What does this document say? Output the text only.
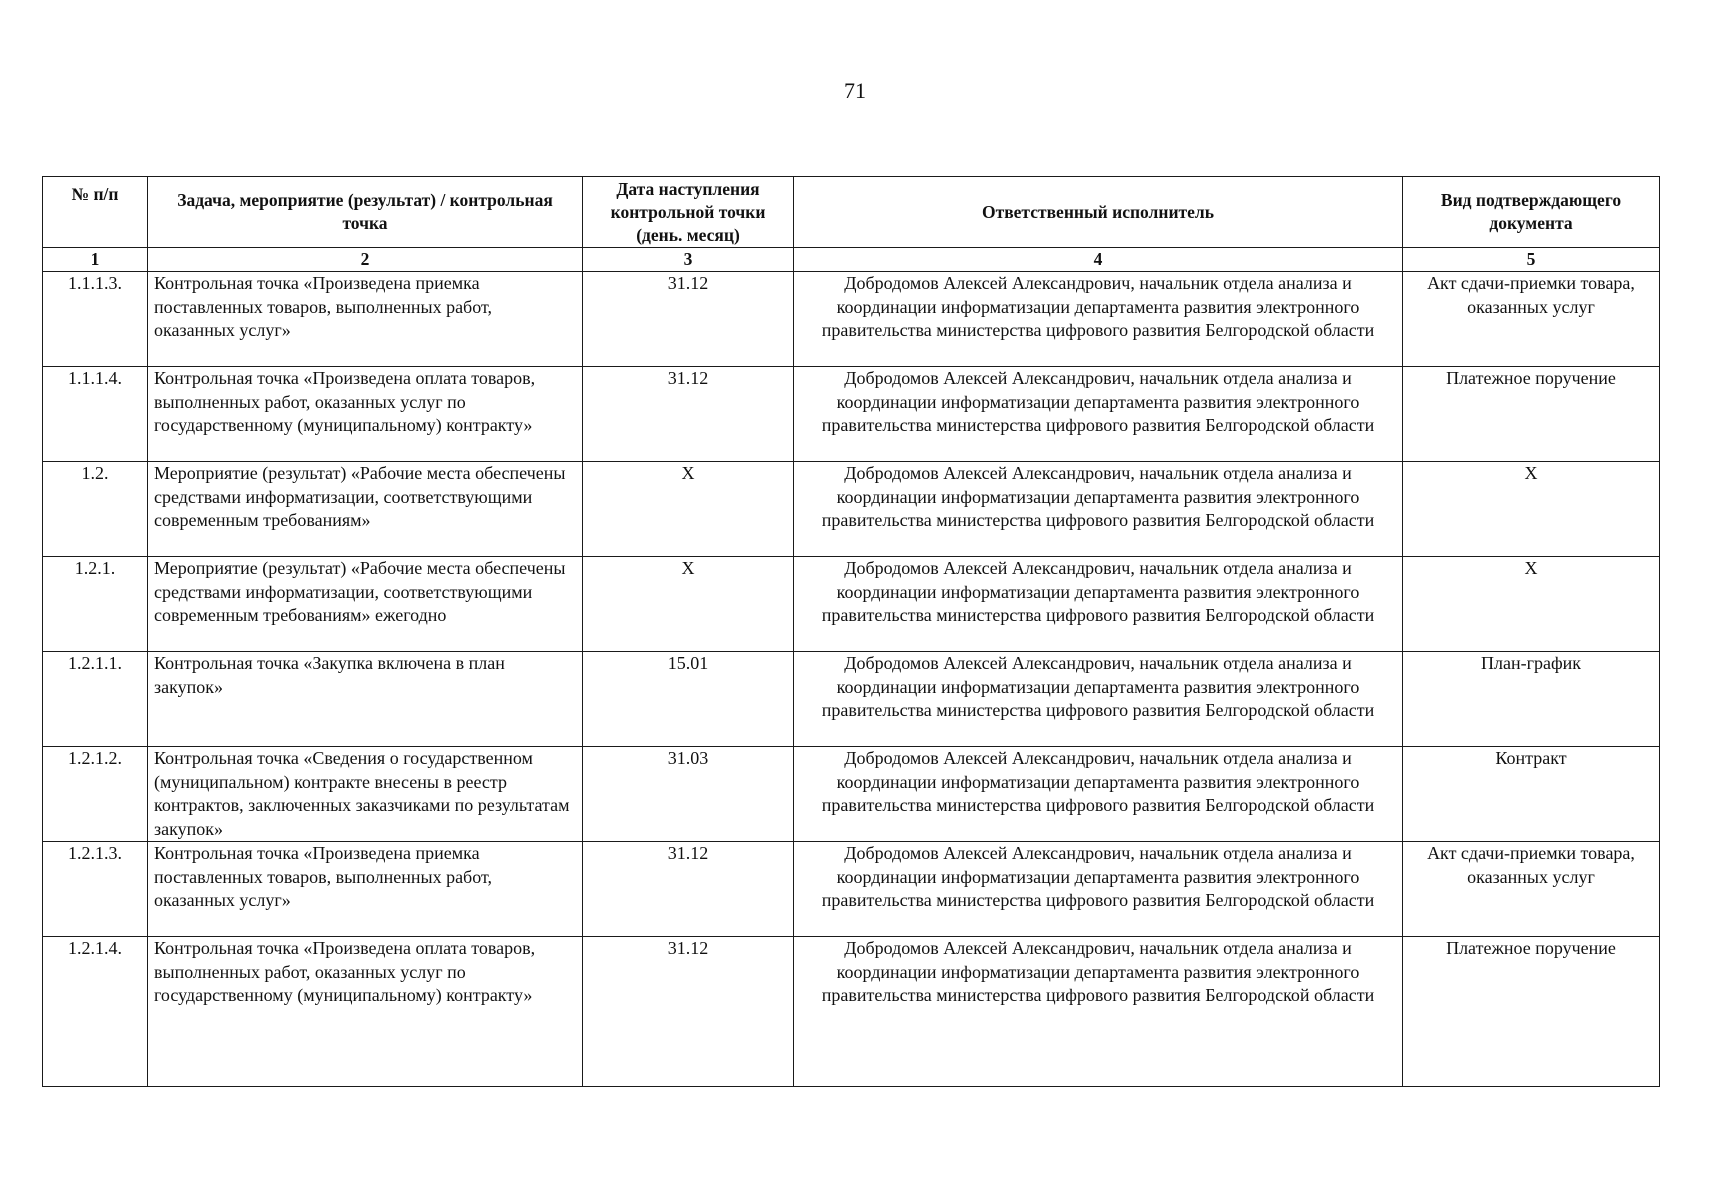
71
№ п/п	Задача, мероприятие (результат) / контрольная точка	Дата наступления контрольной точки (день. месяц)	Ответственный исполнитель	Вид подтверждающего документа
1	2	3	4	5
1.1.1.3.	Контрольная точка «Произведена приемка поставленных товаров, выполненных работ, оказанных услуг»	31.12	Добродомов Алексей Александрович, начальник отдела анализа и координации информатизации департамента развития электронного правительства министерства цифрового развития Белгородской области	Акт сдачи-приемки товара, оказанных услуг
1.1.1.4.	Контрольная точка «Произведена оплата товаров, выполненных работ, оказанных услуг по государственному (муниципальному) контракту»	31.12	Добродомов Алексей Александрович, начальник отдела анализа и координации информатизации департамента развития электронного правительства министерства цифрового развития Белгородской области	Платежное поручение
1.2.	Мероприятие (результат) «Рабочие места обеспечены средствами информатизации, соответствующими современным требованиям»	X	Добродомов Алексей Александрович, начальник отдела анализа и координации информатизации департамента развития электронного правительства министерства цифрового развития Белгородской области	X
1.2.1.	Мероприятие (результат) «Рабочие места обеспечены средствами информатизации, соответствующими современным требованиям» ежегодно	X	Добродомов Алексей Александрович, начальник отдела анализа и координации информатизации департамента развития электронного правительства министерства цифрового развития Белгородской области	X
1.2.1.1.	Контрольная точка «Закупка включена в план закупок»	15.01	Добродомов Алексей Александрович, начальник отдела анализа и координации информатизации департамента развития электронного правительства министерства цифрового развития Белгородской области	План-график
1.2.1.2.	Контрольная точка «Сведения о государственном (муниципальном) контракте внесены в реестр контрактов, заключенных заказчиками по результатам закупок»	31.03	Добродомов Алексей Александрович, начальник отдела анализа и координации информатизации департамента развития электронного правительства министерства цифрового развития Белгородской области	Контракт
1.2.1.3.	Контрольная точка «Произведена приемка поставленных товаров, выполненных работ, оказанных услуг»	31.12	Добродомов Алексей Александрович, начальник отдела анализа и координации информатизации департамента развития электронного правительства министерства цифрового развития Белгородской области	Акт сдачи-приемки товара, оказанных услуг
1.2.1.4.	Контрольная точка «Произведена оплата товаров, выполненных работ, оказанных услуг по государственному (муниципальному) контракту»	31.12	Добродомов Алексей Александрович, начальник отдела анализа и координации информатизации департамента развития электронного правительства министерства цифрового развития Белгородской области	Платежное поручение
